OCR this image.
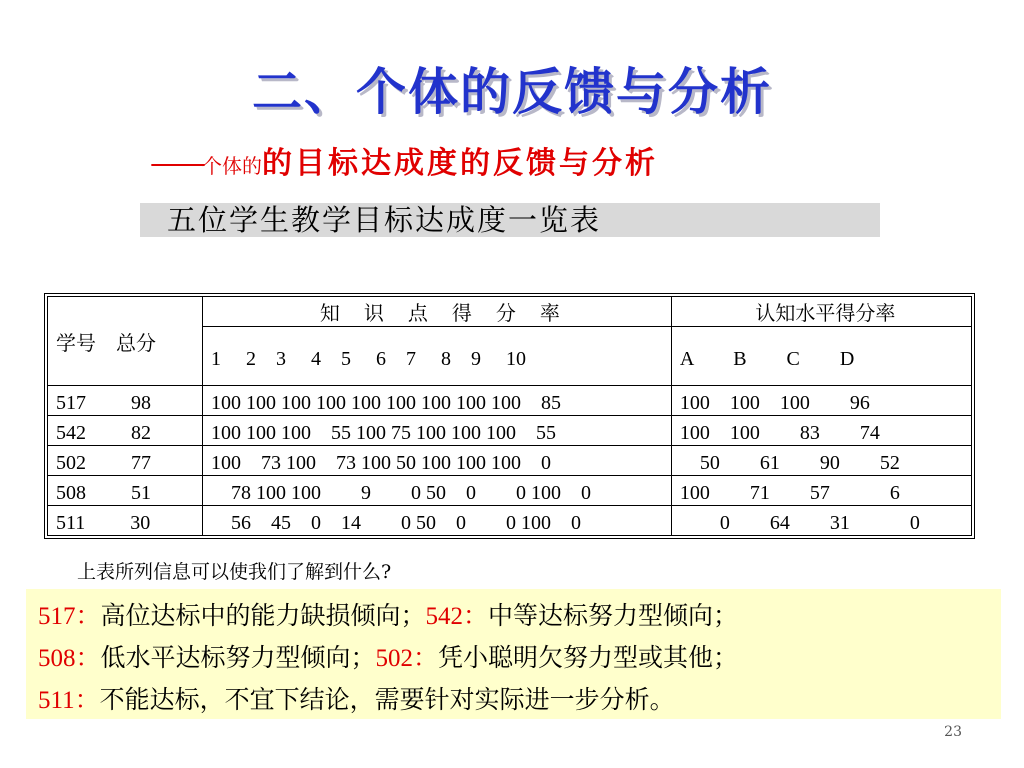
二、个体的反馈与分析
——个体的的目标达成度的反馈与分析
五位学生教学目标达成度一览表
学号　总分	知　识　点　得　分　率	认知水平得分率
	1　 2　3　 4　5　 6　7　 8　9　 10	A　　B　　C　　D
517　　 98	100 100 100 100 100 100 100 100 100　85	100　100　100　　96
542　　 82	100 100 100　55 100 75 100 100 100　55	100　100　　83　　74
502　　 77	100　73 100　73 100 50 100 100 100　0	　50　　61　　90　　52
508　　 51	　78 100 100　　9　　0 50　0　　0 100　0	100　　71　　57　　　6
511　　 30	　56　45　0　14　　0 50　0　　0 100　0	　　0　　64　　31　　　0
上表所列信息可以使我们了解到什么?
517：高位达标中的能力缺损倾向；542：中等达标努力型倾向；
508：低水平达标努力型倾向；502：凭小聪明欠努力型或其他；
511：不能达标，不宜下结论，需要针对实际进一步分析。
23
